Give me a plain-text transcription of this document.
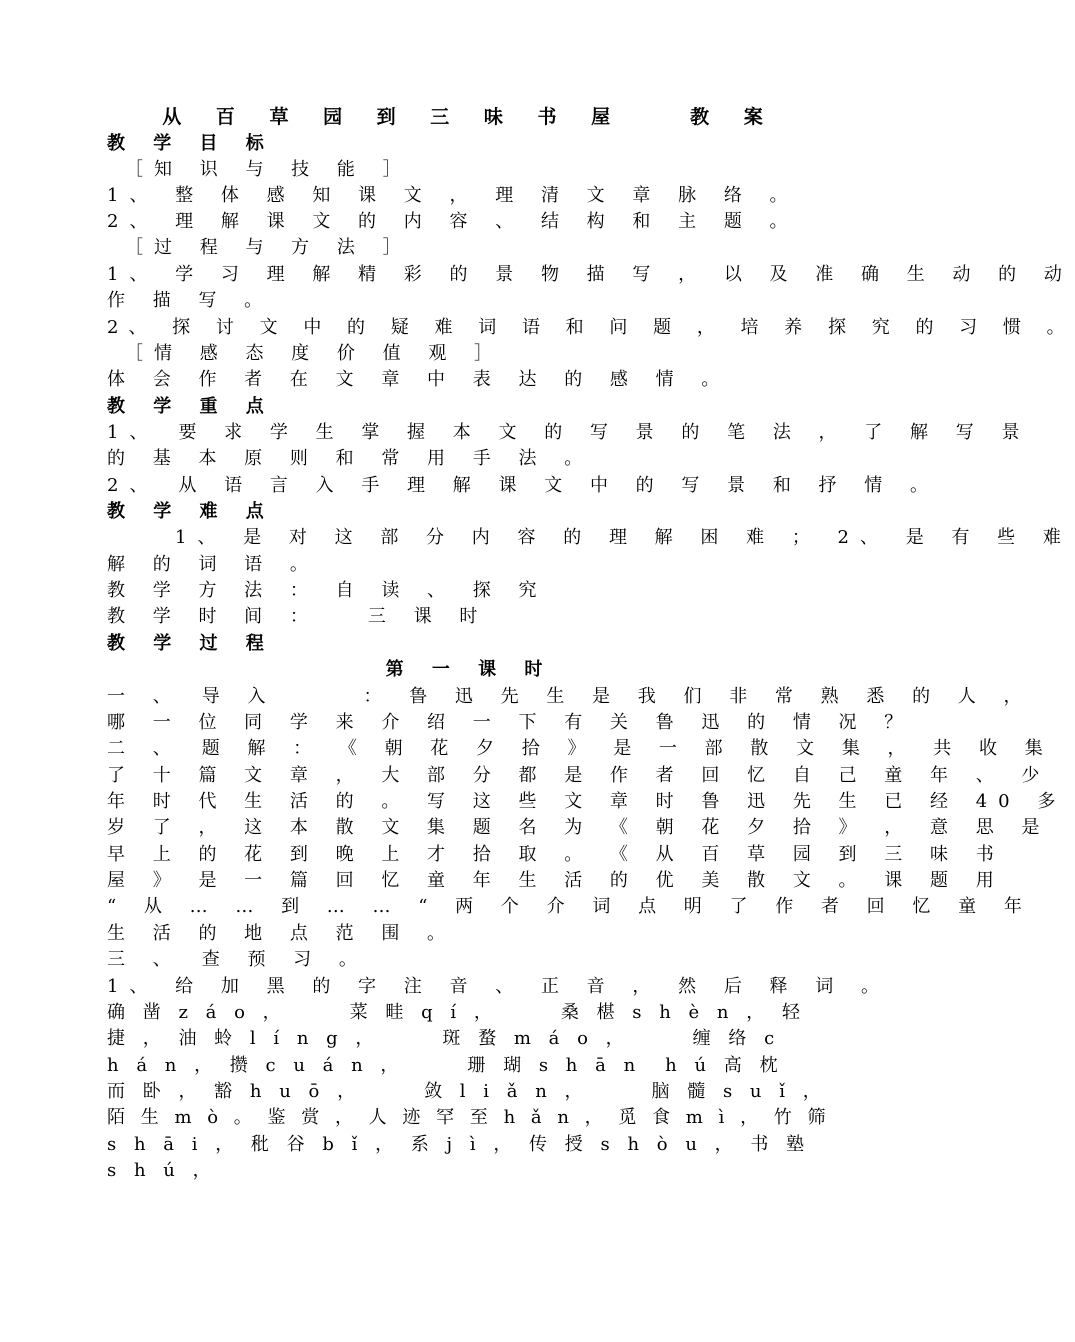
从 百 草 园 到 三 味 书 屋　　教 案
教 学 目 标
［知 识 与 技 能 ］
1、 整 体 感 知 课 文 ， 理 清 文 章 脉 络 。
2、 理 解 课 文 的 内 容 、 结 构 和 主 题 。
［过 程 与 方 法 ］
1、 学 习 理 解 精 彩 的 景 物 描 写 ， 以 及 准 确 生 动 的 动
作 描 写 。
2、 探 讨 文 中 的 疑 难 词 语 和 问 题 ， 培 养 探 究 的 习 惯 。
［情 感 态 度 价 值 观 ］
体 会 作 者 在 文 章 中 表 达 的 感 情 。
教 学 重 点
1、　要 求 学 生 掌 握 本 文 的 写 景 的 笔 法 ， 了 解 写 景
的 基 本 原 则 和 常 用 手 法 。
2、　从 语 言 入 手 理 解 课 文 中 的 写 景 和 抒 情 。
教 学 难 点
1、 是 对 这 部 分 内 容 的 理 解 困 难 ； 2、 是 有 些 难
解 的 词 语 。
教 学 方 法 ： 自 读 、 探 究
教 学 时 间 ：　　三 课 时
教 学 过 程
第 一 课 时
一 、　导 入　　　： 鲁 迅 先 生 是 我 们 非 常 熟 悉 的 人 ，
哪 一 位 同 学 来 介 绍 一 下 有 关 鲁 迅 的 情 况 ？
二 、　题 解 ： 《 朝 花 夕 拾 》 是 一 部 散 文 集 ， 共 收 集
了 十 篇 文 章 ， 大 部 分 都 是 作 者 回 忆 自 己 童 年 、 少
年 时 代 生 活 的 。 写 这 些 文 章 时 鲁 迅 先 生 已 经 40 多
岁 了 ， 这 本 散 文 集 题 名 为 《 朝 花 夕 拾 》 ， 意 思 是
早 上 的 花 到 晚 上 才 拾 取 。 《 从 百 草 园 到 三 味 书
屋 》 是 一 篇 回 忆 童 年 生 活 的 优 美 散 文 。 课 题 用
“ 从 … … 到 … … “ 两 个 介 词 点 明 了 作 者 回 忆 童 年
生 活 的 地 点 范 围 。
三 、　查 预 习 。
1、 给 加 黑 的 字 注 音 、 正 音 ， 然 后 释 词 。
确 凿 z á o ，　　　菜 畦 q í ，　　　桑 椹 s h è n ， 轻
捷 ， 油 蛉 l í n g ，　　　斑 蝥 m á o ，　　　缠 络 c
h á n ， 攒 c u á n ，　　　珊 瑚 s h ā n　h ú 高 枕
而 卧 ， 豁 h u ō ，　　　敛 l i ǎ n ，　　　脑 髓 s u ǐ ，
陌 生 m ò 。 鉴 赏 ， 人 迹 罕 至 h ǎ n ， 觅 食 m ì ， 竹 筛
s h ā i ， 秕 谷 b ǐ ， 系 j ì ， 传 授 s h ò u ， 书 塾
s h ú ，
